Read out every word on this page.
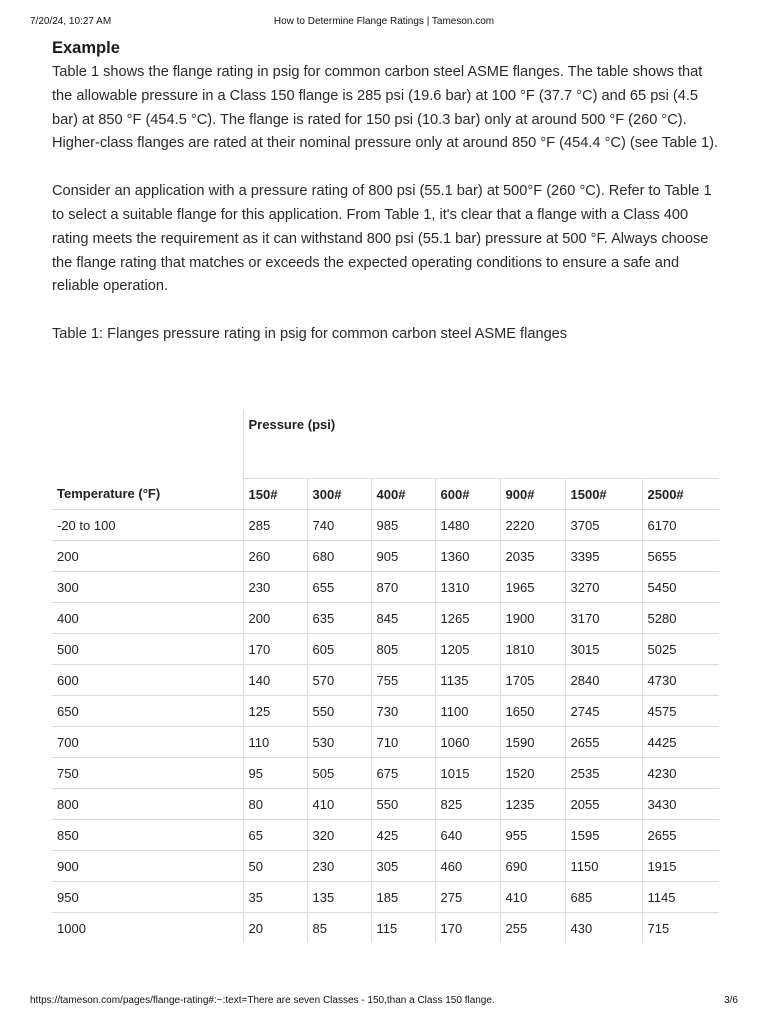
7/20/24, 10:27 AM	How to Determine Flange Ratings | Tameson.com
Example

Table 1 shows the flange rating in psig for common carbon steel ASME flanges. The table shows that the allowable pressure in a Class 150 flange is 285 psi (19.6 bar) at 100 °F (37.7 °C) and 65 psi (4.5 bar) at 850 °F (454.5 °C). The flange is rated for 150 psi (10.3 bar) only at around 500 °F (260 °C). Higher-class flanges are rated at their nominal pressure only at around 850 °F (454.4 °C) (see Table 1).

Consider an application with a pressure rating of 800 psi (55.1 bar) at 500°F (260 °C). Refer to Table 1 to select a suitable flange for this application. From Table 1, it's clear that a flange with a Class 400 rating meets the requirement as it can withstand 800 psi (55.1 bar) pressure at 500 °F. Always choose the flange rating that matches or exceeds the expected operating conditions to ensure a safe and reliable operation.

Table 1: Flanges pressure rating in psig for common carbon steel ASME flanges
	Pressure (psi)						
Temperature (°F)	150#	300#	400#	600#	900#	1500#	2500#
-20 to 100	285	740	985	1480	2220	3705	6170
200	260	680	905	1360	2035	3395	5655
300	230	655	870	1310	1965	3270	5450
400	200	635	845	1265	1900	3170	5280
500	170	605	805	1205	1810	3015	5025
600	140	570	755	1135	1705	2840	4730
650	125	550	730	1100	1650	2745	4575
700	110	530	710	1060	1590	2655	4425
750	95	505	675	1015	1520	2535	4230
800	80	410	550	825	1235	2055	3430
850	65	320	425	640	955	1595	2655
900	50	230	305	460	690	1150	1915
950	35	135	185	275	410	685	1145
1000	20	85	115	170	255	430	715
https://tameson.com/pages/flange-rating#:~:text=There are seven Classes - 150,than a Class 150 flange.	3/6
